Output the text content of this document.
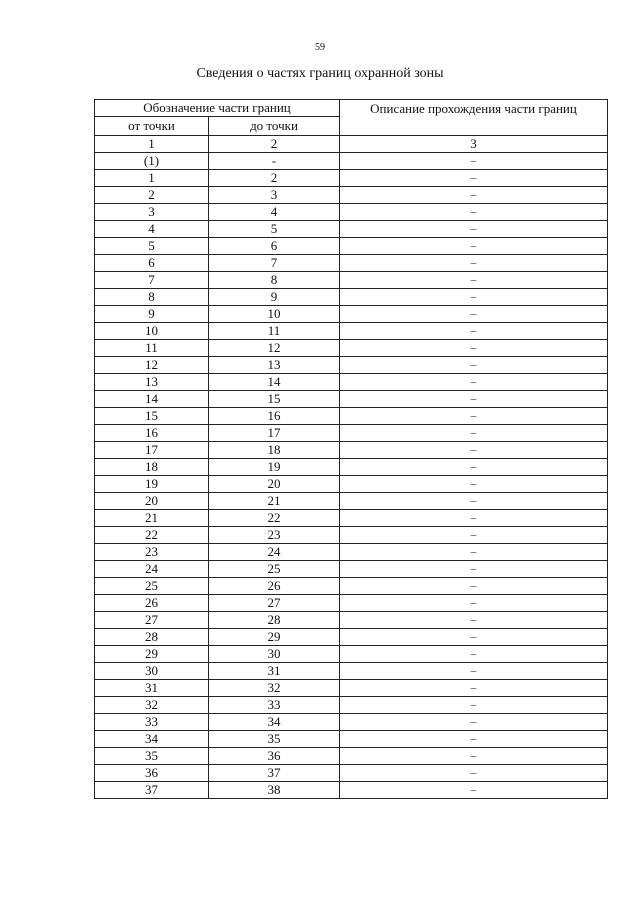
59
Сведения о частях границ охранной зоны
Обозначение части границ		Описание прохождения части границ
от точки	до точки	
1	2	3
(1)	-	–
1	2	–
2	3	–
3	4	–
4	5	–
5	6	–
6	7	–
7	8	–
8	9	–
9	10	–
10	11	–
11	12	–
12	13	–
13	14	–
14	15	–
15	16	–
16	17	–
17	18	–
18	19	–
19	20	–
20	21	–
21	22	–
22	23	–
23	24	–
24	25	–
25	26	–
26	27	–
27	28	–
28	29	–
29	30	–
30	31	–
31	32	–
32	33	–
33	34	–
34	35	–
35	36	–
36	37	–
37	38	–
